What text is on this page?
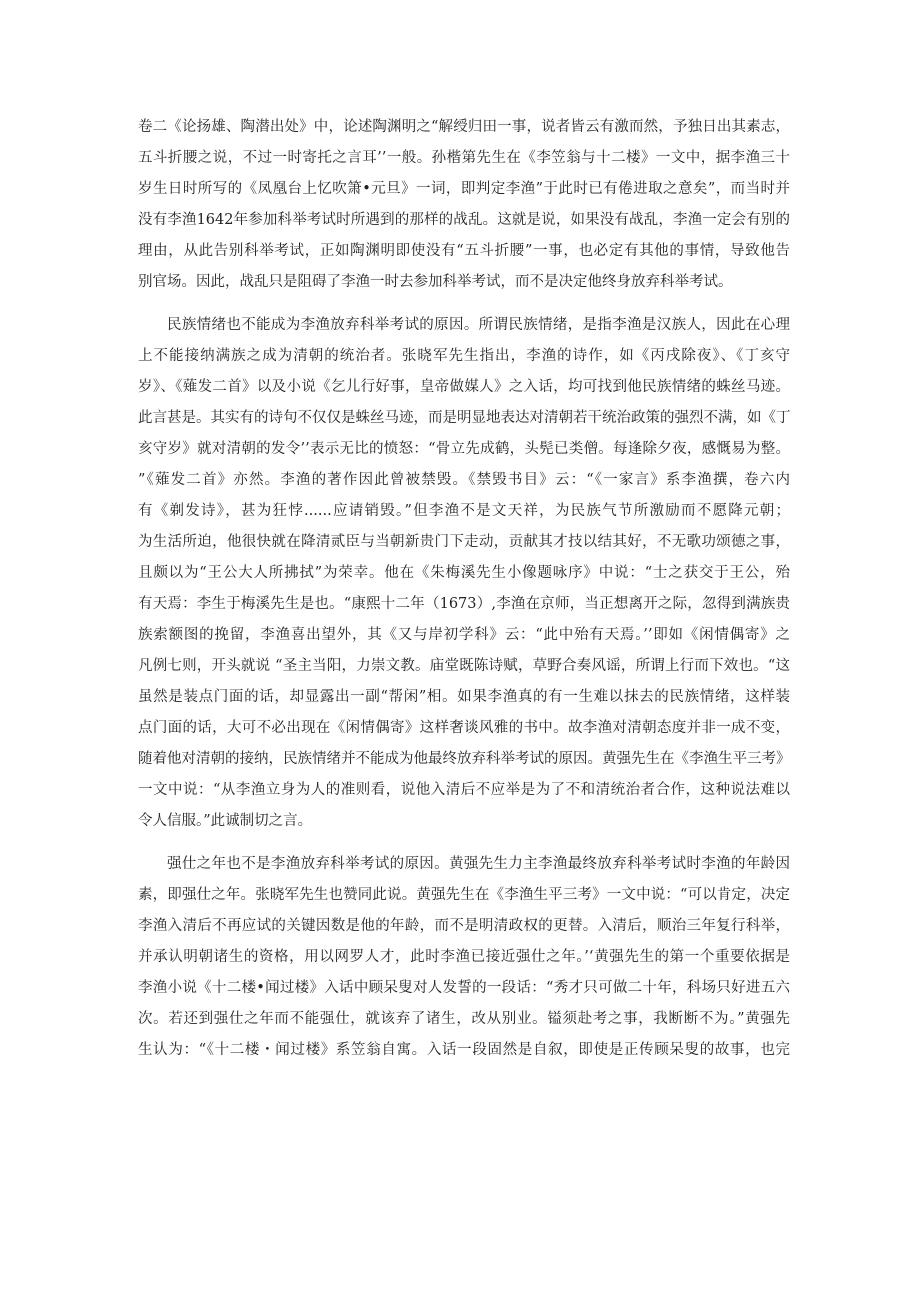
卷二《论扬雄、陶潜出处》中，论述陶渊明之“解绶归田一事，说者皆云有激而然，予独日出其素志，
五斗折腰之说，不过一时寄托之言耳’’一般。孙楷第先生在《李笠翁与十二楼》一文中，据李渔三十
岁生日时所写的《凤凰台上忆吹箫•元旦》一词，即判定李渔”于此时已有倦进取之意矣”，而当时并
没有李渔1642年参加科举考试时所遇到的那样的战乱。这就是说，如果没有战乱，李渔一定会有别的
理由，从此告别科举考试，正如陶渊明即使没有“五斗折腰”一事，也必定有其他的事情，导致他告
别官场。因此，战乱只是阻碍了李渔一时去参加科举考试，而不是决定他终身放弃科举考试。
民族情绪也不能成为李渔放弃科举考试的原因。所谓民族情绪，是指李渔是汉族人，因此在心理
上不能接纳满族之成为清朝的统治者。张晓军先生指出，李渔的诗作，如《丙戌除夜》、《丁亥守
岁》、《薙发二首》以及小说《乞儿行好事，皇帝做媒人》之入话，均可找到他民族情绪的蛛丝马迹。
此言甚是。其实有的诗句不仅仅是蛛丝马迹，而是明显地表达对清朝若干统治政策的强烈不满，如《丁
亥守岁》就对清朝的发令’’表示无比的愤怒：“骨立先成鹤，头髡已类僧。每逢除夕夜，感慨易为整。
”《薙发二首》亦然。李渔的著作因此曾被禁毁。《禁毁书目》云：“《一家言》系李渔撰，卷六内
有《剃发诗》，甚为狂悖......应请销毁。”但李渔不是文天祥，为民族气节所激励而不愿降元朝；
为生活所迫，他很快就在降清贰臣与当朝新贵门下走动，贡献其才技以结其好，不无歌功颂德之事，
且颇以为“王公大人所拂拭”为荣幸。他在《朱梅溪先生小像题咏序》中说：“士之获交于王公，殆
有天焉：李生于梅溪先生是也。“康熙十二年（1673）,李渔在京师，当正想离开之际，忽得到满族贵
族索额图的挽留，李渔喜出望外，其《又与岸初学科》云：“此中殆有天焉。’’即如《闲情偶寄》之
凡例七则，开头就说 “圣主当阳，力崇文教。庙堂既陈诗赋，草野合奏风谣，所谓上行而下效也。“这
虽然是装点门面的话，却显露出一副“帮闲”相。如果李渔真的有一生难以抹去的民族情绪，这样装
点门面的话，大可不必出现在《闲情偶寄》这样奢谈风雅的书中。故李渔对清朝态度并非一成不变，
随着他对清朝的接纳，民族情绪并不能成为他最终放弃科举考试的原因。黄强先生在《李渔生平三考》
一文中说：“从李渔立身为人的准则看，说他入清后不应举是为了不和清统治者合作，这种说法难以
令人信服。”此诚制切之言。
强仕之年也不是李渔放弃科举考试的原因。黄强先生力主李渔最终放弃科举考试时李渔的年龄因
素，即强仕之年。张晓军先生也赞同此说。黄强先生在《李渔生平三考》一文中说：“可以肯定，决定
李渔入清后不再应试的关键因数是他的年龄，而不是明清政权的更替。入清后，顺治三年复行科举，
并承认明朝诸生的资格，用以网罗人才，此时李渔已接近强仕之年。’‘黄强先生的第一个重要依据是
李渔小说《十二楼•闻过楼》入话中顾呆叟对人发誓的一段话：“秀才只可做二十年，科场只好进五六
次。若还到强仕之年而不能强仕，就该弃了诸生，改从别业。镒须赴考之事，我断断不为。”黄强先
生认为：“《十二楼・闻过楼》系笠翁自寓。入话一段固然是自叙，即使是正传顾呆叟的故事，也完
